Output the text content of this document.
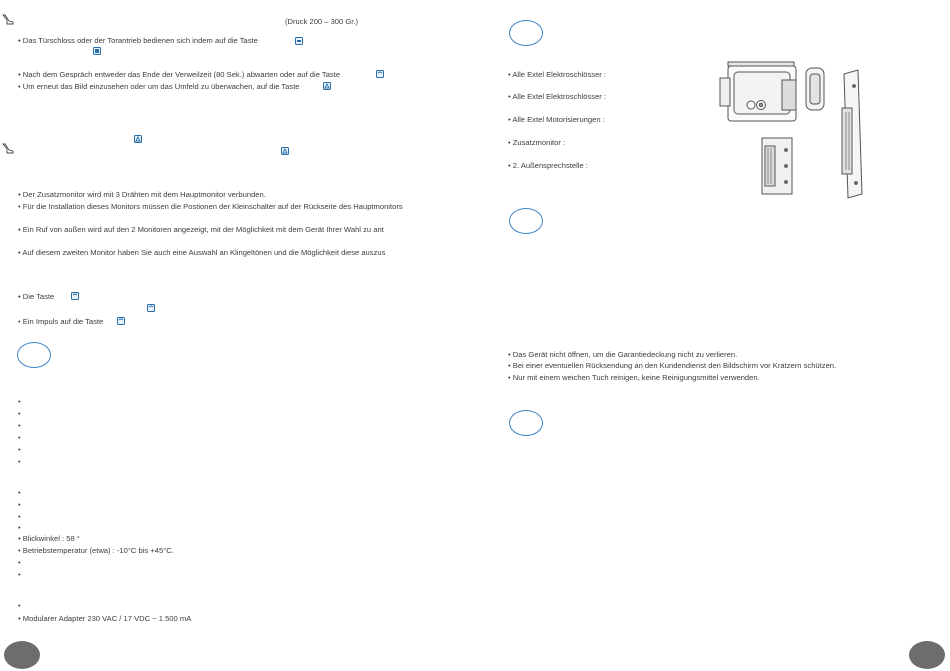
(Druck 200 – 300 Gr.)
• Das Türschloss oder der Torantrieb bedienen sich indem auf die Taste
• Nach dem Gespräch entweder das Ende der Verweilzeit (80 Sek.) abwarten oder auf die Taste
• Um erneut das Bild einzusehen oder um das Umfeld zu überwachen, auf die Taste
• Der Zusatzmonitor wird mit 3 Drähten mit dem Hauptmonitor verbunden.
• Für die Installation dieses Monitors müssen die Postionen der Kleinschalter auf der Rückseite des Hauptmonitors
• Ein Ruf von außen wird auf den 2 Monitoren angezeigt, mit der Möglichkeit mit dem Gerät Ihrer Wahl zu ant
• Auf diesem zweiten Monitor haben Sie auch eine Auswahl an Klingeltönen und die Möglichkeit diese auszus
• Die Taste
• Ein Impuls auf die Taste
•
•
•
•
•
•
•
•
•
•
• Blickwinkel : 58 °
• Betriebstemperatur (etwa) : -10°C bis +45°C.
•
•
•
• Modularer Adapter 230 VAC / 17 VDC ~ 1.500 mA
• Alle Extel Elektroschlösser :
• Alle Extel Elektroschlösser :
• Alle Extel Motorisierungen :
• Zusatzmonitor :
• 2. Außensprechstelle :
• Das Gerät nicht öffnen, um die Garantiedeckung nicht zu verlieren.
• Bei einer eventuellen Rücksendung an den Kundendienst den Bildschirm vor Kratzern schützen.
• Nur mit einem weichen Tuch reinigen, keine Reinigungsmittel verwenden.
